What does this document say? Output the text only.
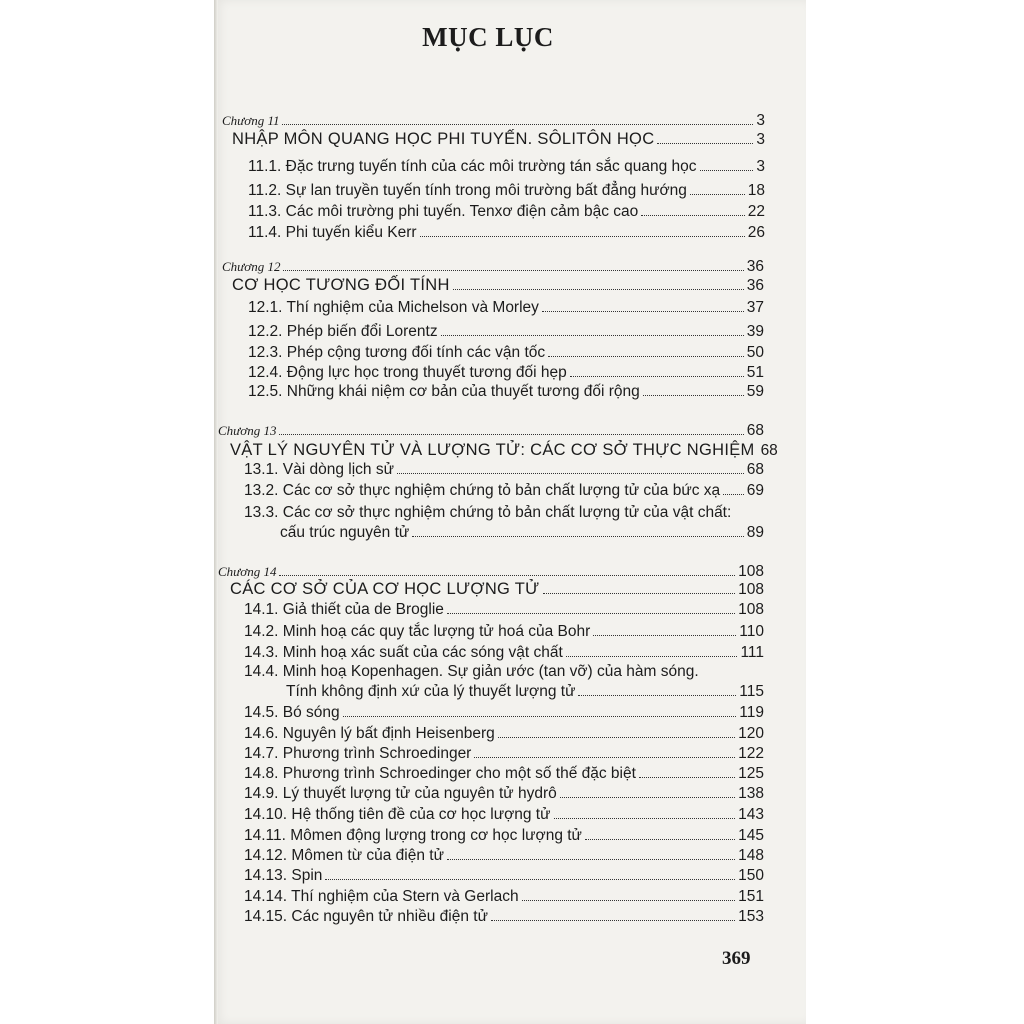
MỤC LỤC
Chương 11	3
NHẬP MÔN QUANG HỌC PHI TUYẾN. SÔLITÔN HỌC	3
11.1. Đặc trưng tuyến tính của các môi trường tán sắc quang học	3
11.2. Sự lan truyền tuyến tính trong môi trường bất đẳng hướng	18
11.3. Các môi trường phi tuyến. Tenxơ điện cảm bậc cao	22
11.4. Phi tuyến kiểu Kerr	26
Chương 12	36
CƠ HỌC TƯƠNG ĐỐI TÍNH	36
12.1. Thí nghiệm của Michelson và Morley	37
12.2. Phép biến đổi Lorentz	39
12.3. Phép cộng tương đối tính các vận tốc	50
12.4. Động lực học trong thuyết tương đối hẹp	51
12.5. Những khái niệm cơ bản của thuyết tương đối rộng	59
Chương 13	68
VẬT LÝ NGUYÊN TỬ VÀ LƯỢNG TỬ: CÁC CƠ SỞ THỰC NGHIỆM 68
13.1. Vài dòng lịch sử	68
13.2. Các cơ sở thực nghiệm chứng tỏ bản chất lượng tử của bức xạ 69
13.3. Các cơ sở thực nghiệm chứng tỏ bản chất lượng tử của vật chất:
cấu trúc nguyên tử	89
Chương 14	108
CÁC CƠ SỞ CỦA CƠ HỌC LƯỢNG TỬ	108
14.1. Giả thiết của de Broglie	108
14.2. Minh hoạ các quy tắc lượng tử hoá của Bohr	110
14.3. Minh hoạ xác suất của các sóng vật chất	111
14.4. Minh hoạ Kopenhagen. Sự giản ước (tan vỡ) của hàm sóng.
Tính không định xứ của lý thuyết lượng tử	115
14.5. Bó sóng	119
14.6. Nguyên lý bất định Heisenberg	120
14.7. Phương trình Schroedinger	122
14.8. Phương trình Schroedinger cho một số thế đặc biệt	125
14.9. Lý thuyết lượng tử của nguyên tử hydrô	138
14.10. Hệ thống tiên đề của cơ học lượng tử	143
14.11. Mômen động lượng trong cơ học lượng tử	145
14.12. Mômen từ của điện tử	148
14.13. Spin	150
14.14. Thí nghiệm của Stern và Gerlach	151
14.15. Các nguyên tử nhiều điện tử	153
369
